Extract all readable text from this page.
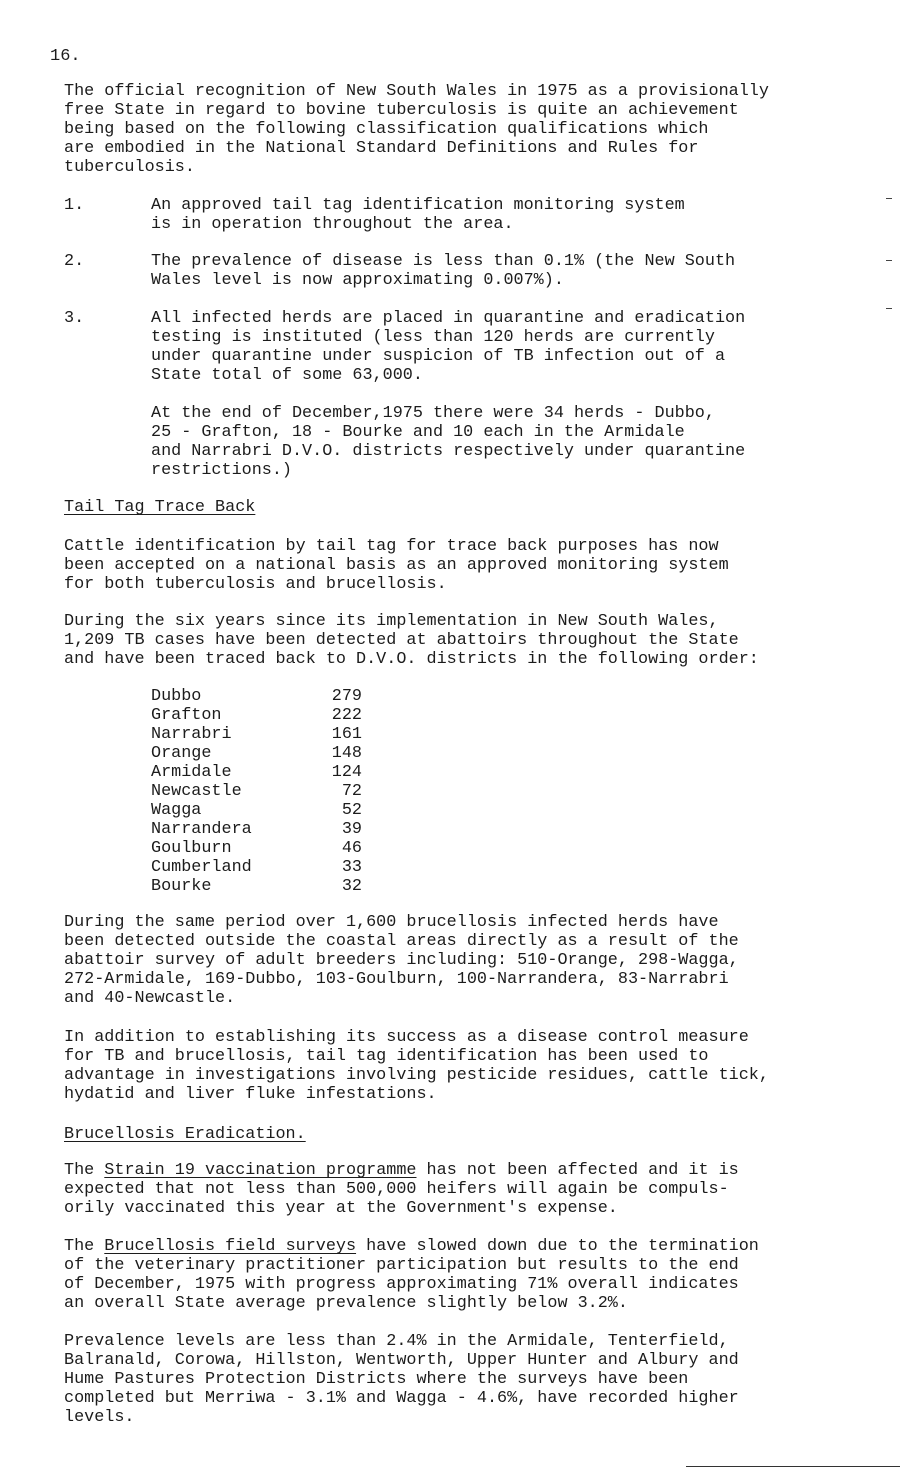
16.
The official recognition of New South Wales in 1975 as a provisionally
free State in regard to bovine tuberculosis is quite an achievement
being based on the following classification qualifications which
are embodied in the National Standard Definitions and Rules for
tuberculosis.
1.	An approved tail tag identification monitoring system
is in operation throughout the area.
2.	The prevalence of disease is less than 0.1% (the New South
Wales level is now approximating 0.007%).
3.	All infected herds are placed in quarantine and eradication
testing is instituted (less than 120 herds are currently
under quarantine under suspicion of TB infection out of a
State total of some 63,000.
At the end of December,1975 there were 34 herds - Dubbo,
25 - Grafton, 18 - Bourke and 10 each in the Armidale
and Narrabri D.V.O. districts respectively under quarantine
restrictions.)
Tail Tag Trace Back
Cattle identification by tail tag for trace back purposes has now
been accepted on a national basis as an approved monitoring system
for both tuberculosis and brucellosis.
During the six years since its implementation in New South Wales,
1,209 TB cases have been detected at abattoirs throughout the State
and have been traced back to D.V.O. districts in the following order:
Dubbo	279
Grafton	222
Narrabri	161
Orange	148
Armidale	124
Newcastle	72
Wagga	52
Narrandera	39
Goulburn	46
Cumberland	33
Bourke	32
During the same period over 1,600 brucellosis infected herds have
been detected outside the coastal areas directly as a result of the
abattoir survey of adult breeders including: 510-Orange, 298-Wagga,
272-Armidale, 169-Dubbo, 103-Goulburn, 100-Narrandera, 83-Narrabri
and 40-Newcastle.
In addition to establishing its success as a disease control measure
for TB and brucellosis, tail tag identification has been used to
advantage in investigations involving pesticide residues, cattle tick,
hydatid and liver fluke infestations.
Brucellosis Eradication.
The Strain 19 vaccination programme has not been affected and it is
expected that not less than 500,000 heifers will again be compuls-
orily vaccinated this year at the Government's expense.
The Brucellosis field surveys have slowed down due to the termination
of the veterinary practitioner participation but results to the end
of December, 1975 with progress approximating 71% overall indicates
an overall State average prevalence slightly below 3.2%.
Prevalence levels are less than 2.4% in the Armidale, Tenterfield,
Balranald, Corowa, Hillston, Wentworth, Upper Hunter and Albury and
Hume Pastures Protection Districts where the surveys have been
completed but Merriwa - 3.1% and Wagga - 4.6%, have recorded higher
levels.
